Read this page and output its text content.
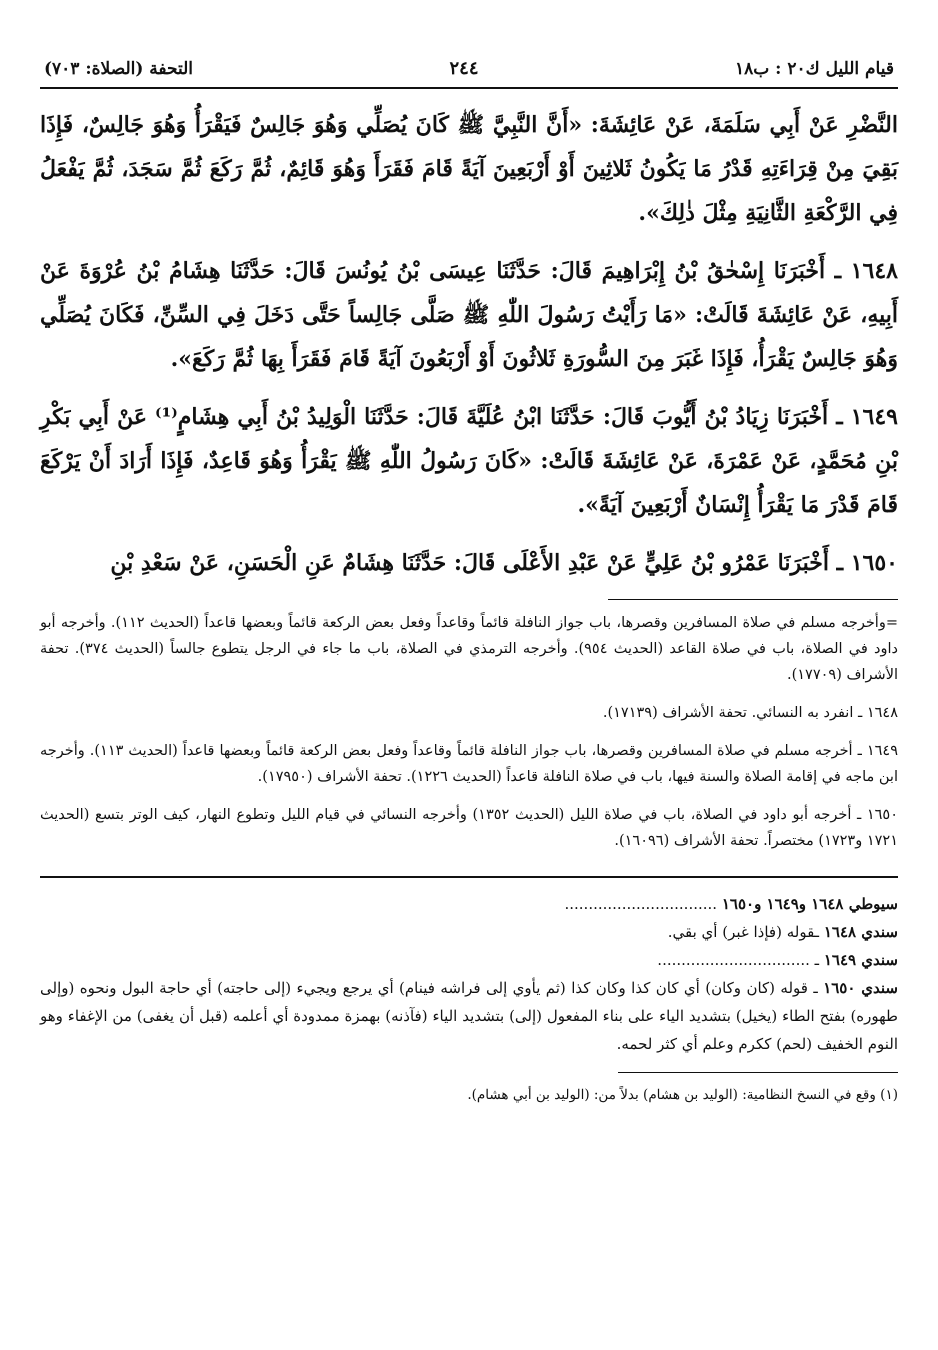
قيام الليل ك٢٠ : ب١٨
٢٤٤
التحفة (الصلاة: ٧٠٣)

النَّضْرِ عَنْ أَبِي سَلَمَةَ، عَنْ عَائِشَةَ: «أَنَّ النَّبِيَّ ﷺ كَانَ يُصَلِّي وَهُوَ جَالِسٌ فَيَقْرَأُ وَهُوَ جَالِسٌ، فَإِذَا بَقِيَ مِنْ قِرَاءَتِهِ قَدْرُ مَا يَكُونُ ثَلاثِينَ أَوْ أَرْبَعِينَ آيَةً قَامَ فَقَرَأَ وَهُوَ قَائِمٌ، ثُمَّ رَكَعَ ثُمَّ سَجَدَ، ثُمَّ يَفْعَلُ فِي الرَّكْعَةِ الثَّانِيَةِ مِثْلَ ذٰلِكَ».

١٦٤٨ ـ أَخْبَرَنَا إِسْحٰقُ بْنُ إِبْرَاهِيمَ قَالَ: حَدَّثَنَا عِيسَى بْنُ يُونُسَ قَالَ: حَدَّثَنَا هِشَامُ بْنُ عُرْوَةَ عَنْ أَبِيهِ، عَنْ عَائِشَةَ قَالَتْ: «مَا رَأَيْتُ رَسُولَ اللّٰهِ ﷺ صَلَّى جَالِساً حَتَّى دَخَلَ فِي السِّنِّ، فَكَانَ يُصَلِّي وَهُوَ جَالِسٌ يَقْرَأُ، فَإِذَا غَبَرَ مِنَ السُّورَةِ ثَلاثُونَ أَوْ أَرْبَعُونَ آيَةً قَامَ فَقَرَأَ بِهَا ثُمَّ رَكَعَ».

١٦٤٩ ـ أَخْبَرَنَا زِيَادُ بْنُ أَيُّوبَ قَالَ: حَدَّثَنَا ابْنُ عُلَيَّةَ قَالَ: حَدَّثَنَا الْوَلِيدُ بْنُ أَبِي هِشَامٍ⁽¹⁾ عَنْ أَبِي بَكْرِ بْنِ مُحَمَّدٍ، عَنْ عَمْرَةَ، عَنْ عَائِشَةَ قَالَتْ: «كَانَ رَسُولُ اللّٰهِ ﷺ يَقْرَأُ وَهُوَ قَاعِدٌ، فَإِذَا أَرَادَ أَنْ يَرْكَعَ قَامَ قَدْرَ مَا يَقْرَأُ إِنْسَانٌ أَرْبَعِينَ آيَةً».

١٦٥٠ ـ أَخْبَرَنَا عَمْرُو بْنُ عَلِيٍّ عَنْ عَبْدِ الأَعْلَى قَالَ: حَدَّثَنَا هِشَامٌ عَنِ الْحَسَنِ، عَنْ سَعْدِ بْنِ

=وأخرجه مسلم في صلاة المسافرين وقصرها، باب جواز النافلة قائماً وقاعداً وفعل بعض الركعة قائماً وبعضها قاعداً (الحديث ١١٢). وأخرجه أبو داود في الصلاة، باب في صلاة القاعد (الحديث ٩٥٤). وأخرجه الترمذي في الصلاة، باب ما جاء في الرجل يتطوع جالساً (الحديث ٣٧٤). تحفة الأشراف (١٧٧٠٩).

١٦٤٨ ـ انفرد به النسائي. تحفة الأشراف (١٧١٣٩).

١٦٤٩ ـ أخرجه مسلم في صلاة المسافرين وقصرها، باب جواز النافلة قائماً وقاعداً وفعل بعض الركعة قائماً وبعضها قاعداً (الحديث ١١٣). وأخرجه ابن ماجه في إقامة الصلاة والسنة فيها، باب في صلاة النافلة قاعداً (الحديث ١٢٢٦). تحفة الأشراف (١٧٩٥٠).

١٦٥٠ ـ أخرجه أبو داود في الصلاة، باب في صلاة الليل (الحديث ١٣٥٢) وأخرجه النسائي في قيام الليل وتطوع النهار، كيف الوتر بتسع (الحديث ١٧٢١ و١٧٢٣) مختصراً. تحفة الأشراف (١٦٠٩٦).

سيوطي ١٦٤٨ و١٦٤٩ و١٦٥٠ ................................

سندي ١٦٤٨ ـقوله (فإذا غبر) أي بقي.

سندي ١٦٤٩ ـ ................................

سندي ١٦٥٠ ـ قوله (كان وكان) أي كان كذا وكان كذا (ثم يأوي إلى فراشه فينام) أي يرجع ويجيء (إلى حاجته) أي حاجة البول ونحوه (وإلى طهوره) بفتح الطاء (يخيل) بتشديد الياء على بناء المفعول (إلى) بتشديد الياء (فآذنه) بهمزة ممدودة أي أعلمه (قبل أن يغفى) من الإغفاء وهو النوم الخفيف (لحم) ككرم وعلم أي كثر لحمه.

(١) وقع في النسخ النظامية: (الوليد بن هشام) بدلاً من: (الوليد بن أبي هشام).
